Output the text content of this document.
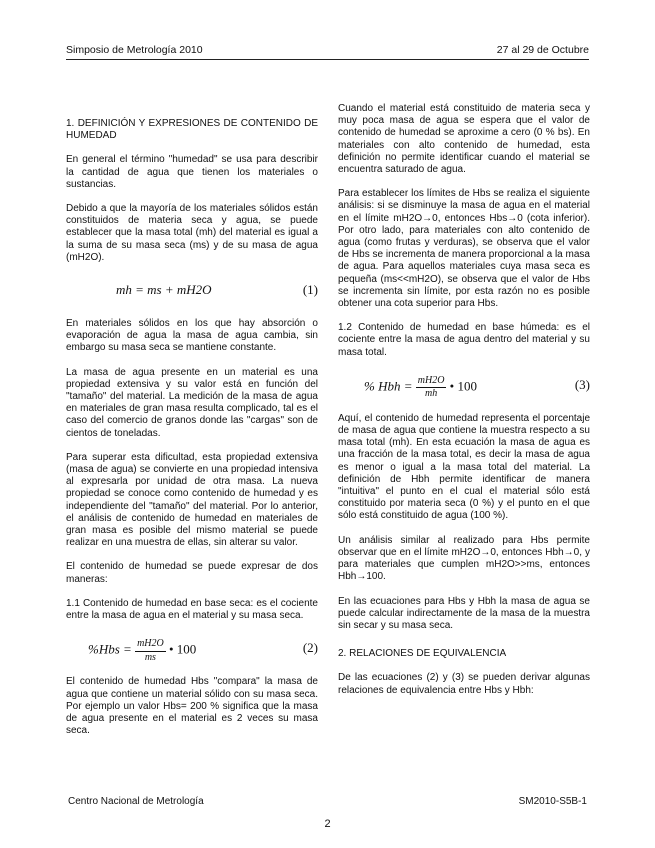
Simposio de Metrología 2010	27 al 29 de Octubre

1. DEFINICIÓN Y EXPRESIONES DE CONTENIDO DE HUMEDAD

En general el término "humedad" se usa para describir la cantidad de agua que tienen los materiales o sustancias.

Debido a que la mayoría de los materiales sólidos están constituidos de materia seca y agua, se puede establecer que la masa total (mh) del material es igual a la suma de su masa seca (ms) y de su masa de agua (mH2O).

mh = ms + mH2O	(1)

En materiales sólidos en los que hay absorción o evaporación de agua la masa de agua cambia, sin embargo su masa seca se mantiene constante.

La masa de agua presente en un material es una propiedad extensiva y su valor está en función del "tamaño" del material. La medición de la masa de agua en materiales de gran masa resulta complicado, tal es el caso del comercio de granos donde las "cargas" son de cientos de toneladas.

Para superar esta dificultad, esta propiedad extensiva (masa de agua) se convierte en una propiedad intensiva al expresarla por unidad de otra masa. La nueva propiedad se conoce como contenido de humedad y es independiente del "tamaño" del material. Por lo anterior, el análisis de contenido de humedad en materiales de gran masa es posible del mismo material se puede realizar en una muestra de ellas, sin alterar su valor.

El contenido de humedad se puede expresar de dos maneras:

1.1 Contenido de humedad en base seca: es el cociente entre la masa de agua en el material y su masa seca.

$\%Hbs = \frac{mH2O}{ms}$ • 100	(2)

El contenido de humedad Hbs "compara" la masa de agua que contiene un material sólido con su masa seca. Por ejemplo un valor Hbs= 200 % significa que la masa de agua presente en el material es 2 veces su masa seca.

Cuando el material está constituido de materia seca y muy poca masa de agua se espera que el valor de contenido de humedad se aproxime a cero (0 % bs). En materiales con alto contenido de humedad, esta definición no permite identificar cuando el material se encuentra saturado de agua.

Para establecer los límites de Hbs se realiza el siguiente análisis: si se disminuye la masa de agua en el material en el límite mH2O→0, entonces Hbs→0 (cota inferior). Por otro lado, para materiales con alto contenido de agua (como frutas y verduras), se observa que el valor de Hbs se incrementa de manera proporcional a la masa de agua. Para aquellos materiales cuya masa seca es pequeña (ms<<mH2O), se observa que el valor de Hbs se incrementa sin límite, por esta razón no es posible obtener una cota superior para Hbs.

1.2 Contenido de humedad en base húmeda: es el cociente entre la masa de agua dentro del material y su masa total.

% Hbh = $\frac{mH2O}{mh}$ • 100	(3)

Aquí, el contenido de humedad representa el porcentaje de masa de agua que contiene la muestra respecto a su masa total (mh). En esta ecuación la masa de agua es una fracción de la masa total, es decir la masa de agua es menor o igual a la masa total del material. La definición de Hbh permite identificar de manera "intuitiva" el punto en el cual el material sólo está constituido por materia seca (0 %) y el punto en el que sólo está constituido de agua (100 %).

Un análisis similar al realizado para Hbs permite observar que en el límite mH2O→0, entonces Hbh→0, y para materiales que cumplen mH2O>>ms, entonces Hbh→100.

En las ecuaciones para Hbs y Hbh la masa de agua se puede calcular indirectamente de la masa de la muestra sin secar y su masa seca.

2. RELACIONES DE EQUIVALENCIA

De las ecuaciones (2) y (3) se pueden derivar algunas relaciones de equivalencia entre Hbs y Hbh:

Centro Nacional de Metrología	SM2010-S5B-1
2
